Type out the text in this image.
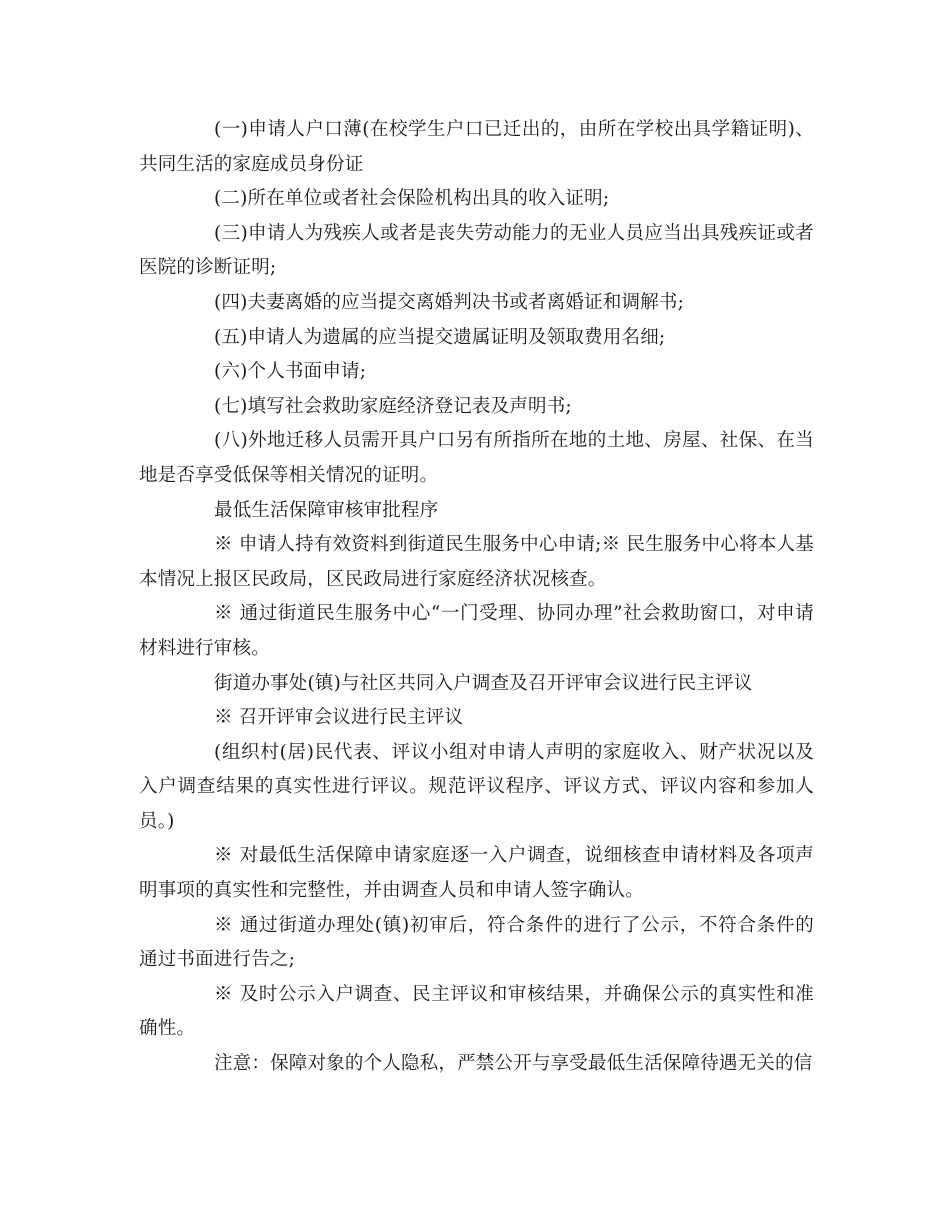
(一)申请人户口薄(在校学生户口已迁出的，由所在学校出具学籍证明)、共同生活的家庭成员身份证

(二)所在单位或者社会保险机构出具的收入证明;

(三)申请人为残疾人或者是丧失劳动能力的无业人员应当出具残疾证或者医院的诊断证明;

(四)夫妻离婚的应当提交离婚判决书或者离婚证和调解书;

(五)申请人为遗属的应当提交遗属证明及领取费用名细;

(六)个人书面申请;

(七)填写社会救助家庭经济登记表及声明书;

(八)外地迁移人员需开具户口另有所指所在地的土地、房屋、社保、在当地是否享受低保等相关情况的证明。

最低生活保障审核审批程序

※ 申请人持有效资料到街道民生服务中心申请;※ 民生服务中心将本人基本情况上报区民政局，区民政局进行家庭经济状况核查。

※ 通过街道民生服务中心“一门受理、协同办理”社会救助窗口，对申请材料进行审核。

街道办事处(镇)与社区共同入户调查及召开评审会议进行民主评议

※ 召开评审会议进行民主评议

(组织村(居)民代表、评议小组对申请人声明的家庭收入、财产状况以及入户调查结果的真实性进行评议。规范评议程序、评议方式、评议内容和参加人员。)

※ 对最低生活保障申请家庭逐一入户调查，说细核查申请材料及各项声明事项的真实性和完整性，并由调查人员和申请人签字确认。

※ 通过街道办理处(镇)初审后，符合条件的进行了公示，不符合条件的通过书面进行告之;

※ 及时公示入户调查、民主评议和审核结果，并确保公示的真实性和准确性。

注意：保障对象的个人隐私，严禁公开与享受最低生活保障待遇无关的信
